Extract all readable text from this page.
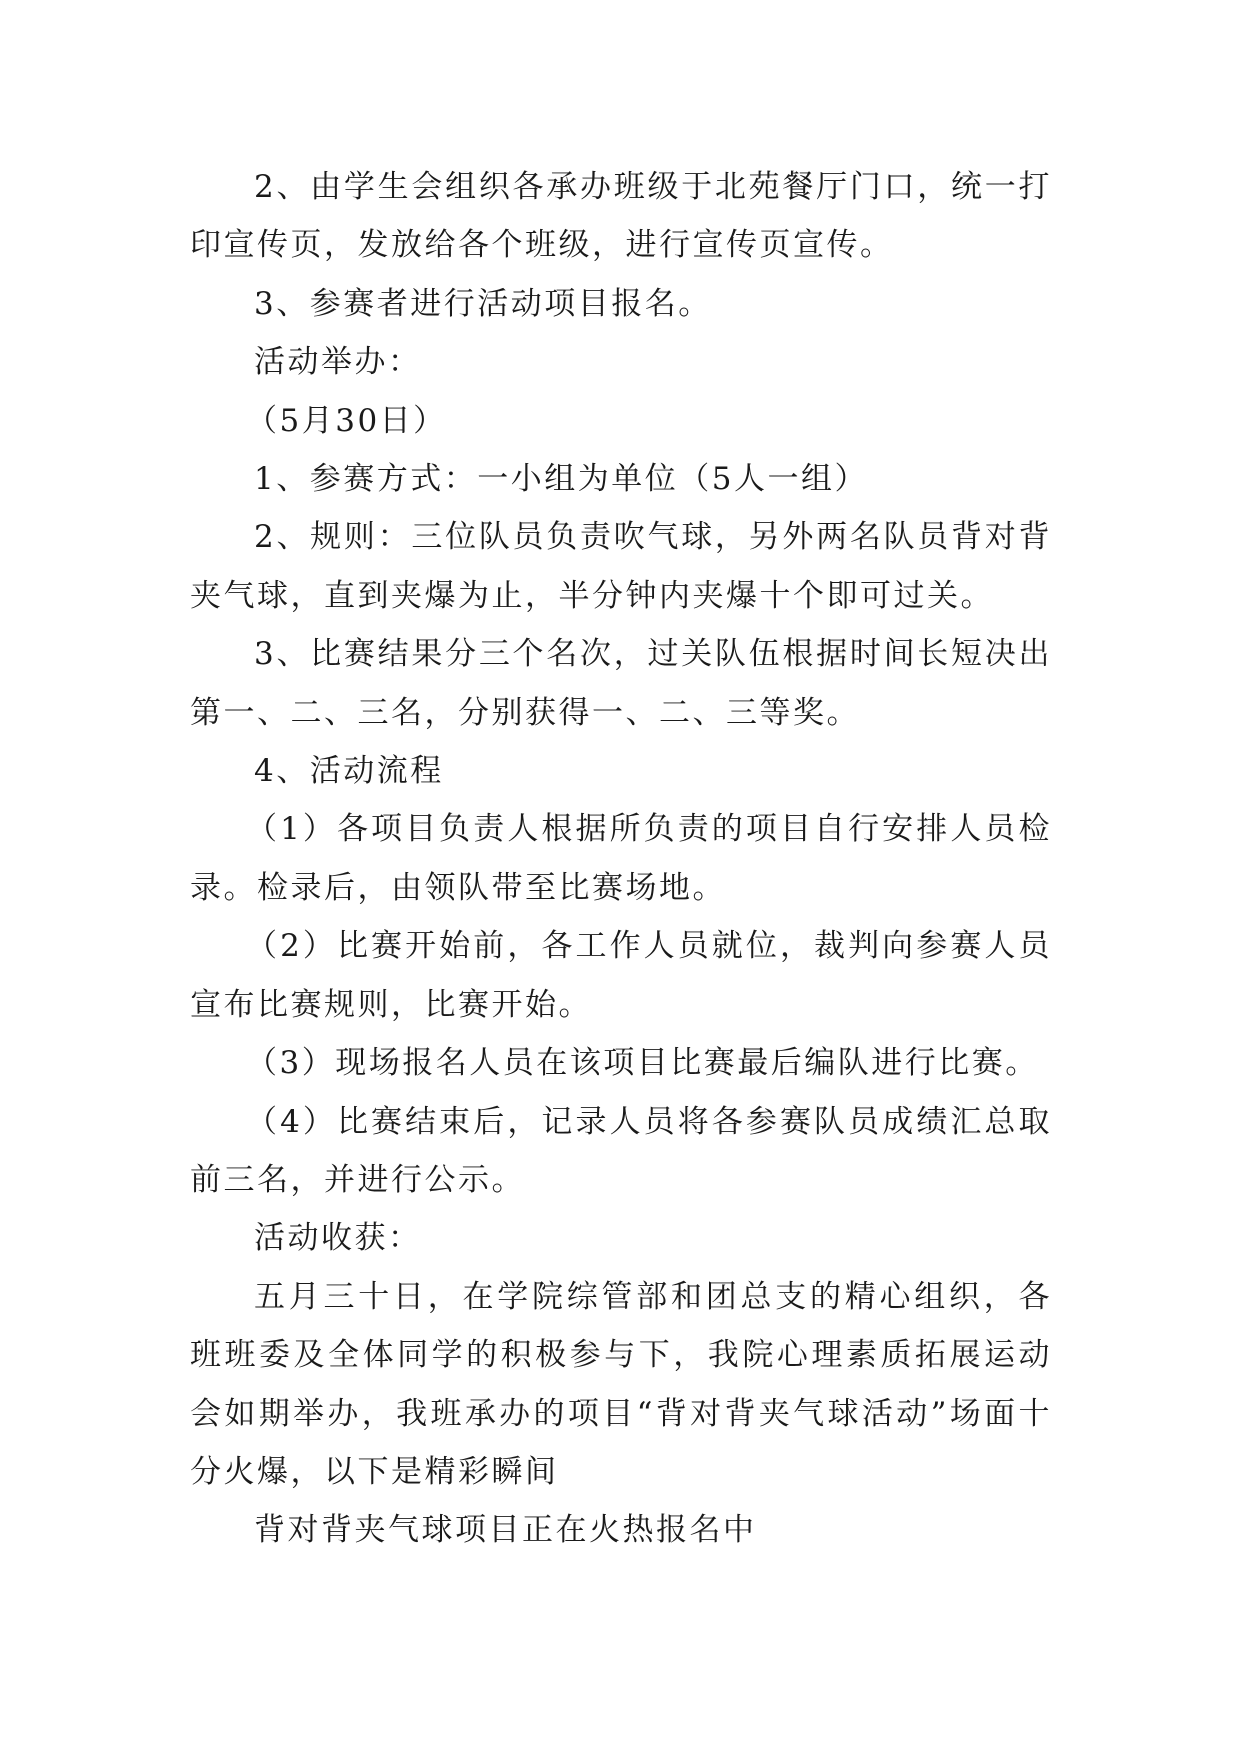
2、由学生会组织各承办班级于北苑餐厅门口，统一打印宣传页，发放给各个班级，进行宣传页宣传。

3、参赛者进行活动项目报名。

活动举办：

（5月30日）

1、参赛方式：一小组为单位（5人一组）

2、规则：三位队员负责吹气球，另外两名队员背对背夹气球，直到夹爆为止，半分钟内夹爆十个即可过关。

3、比赛结果分三个名次，过关队伍根据时间长短决出第一、二、三名，分别获得一、二、三等奖。

4、活动流程

（1）各项目负责人根据所负责的项目自行安排人员检录。检录后，由领队带至比赛场地。

（2）比赛开始前，各工作人员就位，裁判向参赛人员宣布比赛规则，比赛开始。

（3）现场报名人员在该项目比赛最后编队进行比赛。

（4）比赛结束后，记录人员将各参赛队员成绩汇总取前三名，并进行公示。

活动收获：

五月三十日，在学院综管部和团总支的精心组织，各班班委及全体同学的积极参与下，我院心理素质拓展运动会如期举办，我班承办的项目“背对背夹气球活动”场面十分火爆，以下是精彩瞬间

背对背夹气球项目正在火热报名中
